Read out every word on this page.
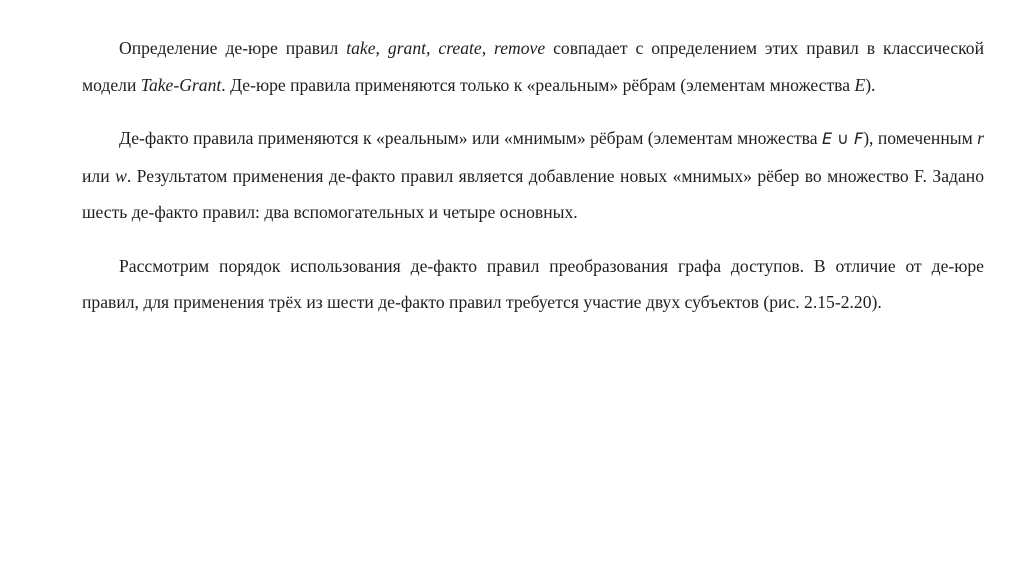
Определение де-юре правил take, grant, create, remove совпадает с определением этих правил в классической модели Take-Grant. Де-юре правила применяются только к «реальным» рёбрам (элементам множества E).

Де-факто правила применяются к «реальным» или «мнимым» рёбрам (элементам множества E ∪ F), помеченным r или w. Результатом применения де-факто правил является добавление новых «мнимых» рёбер во множество F. Задано шесть де-факто правил: два вспомогательных и четыре основных.

Рассмотрим порядок использования де-факто правил преобразования графа доступов. В отличие от де-юре правил, для применения трёх из шести де-факто правил требуется участие двух субъектов (рис. 2.15-2.20).
